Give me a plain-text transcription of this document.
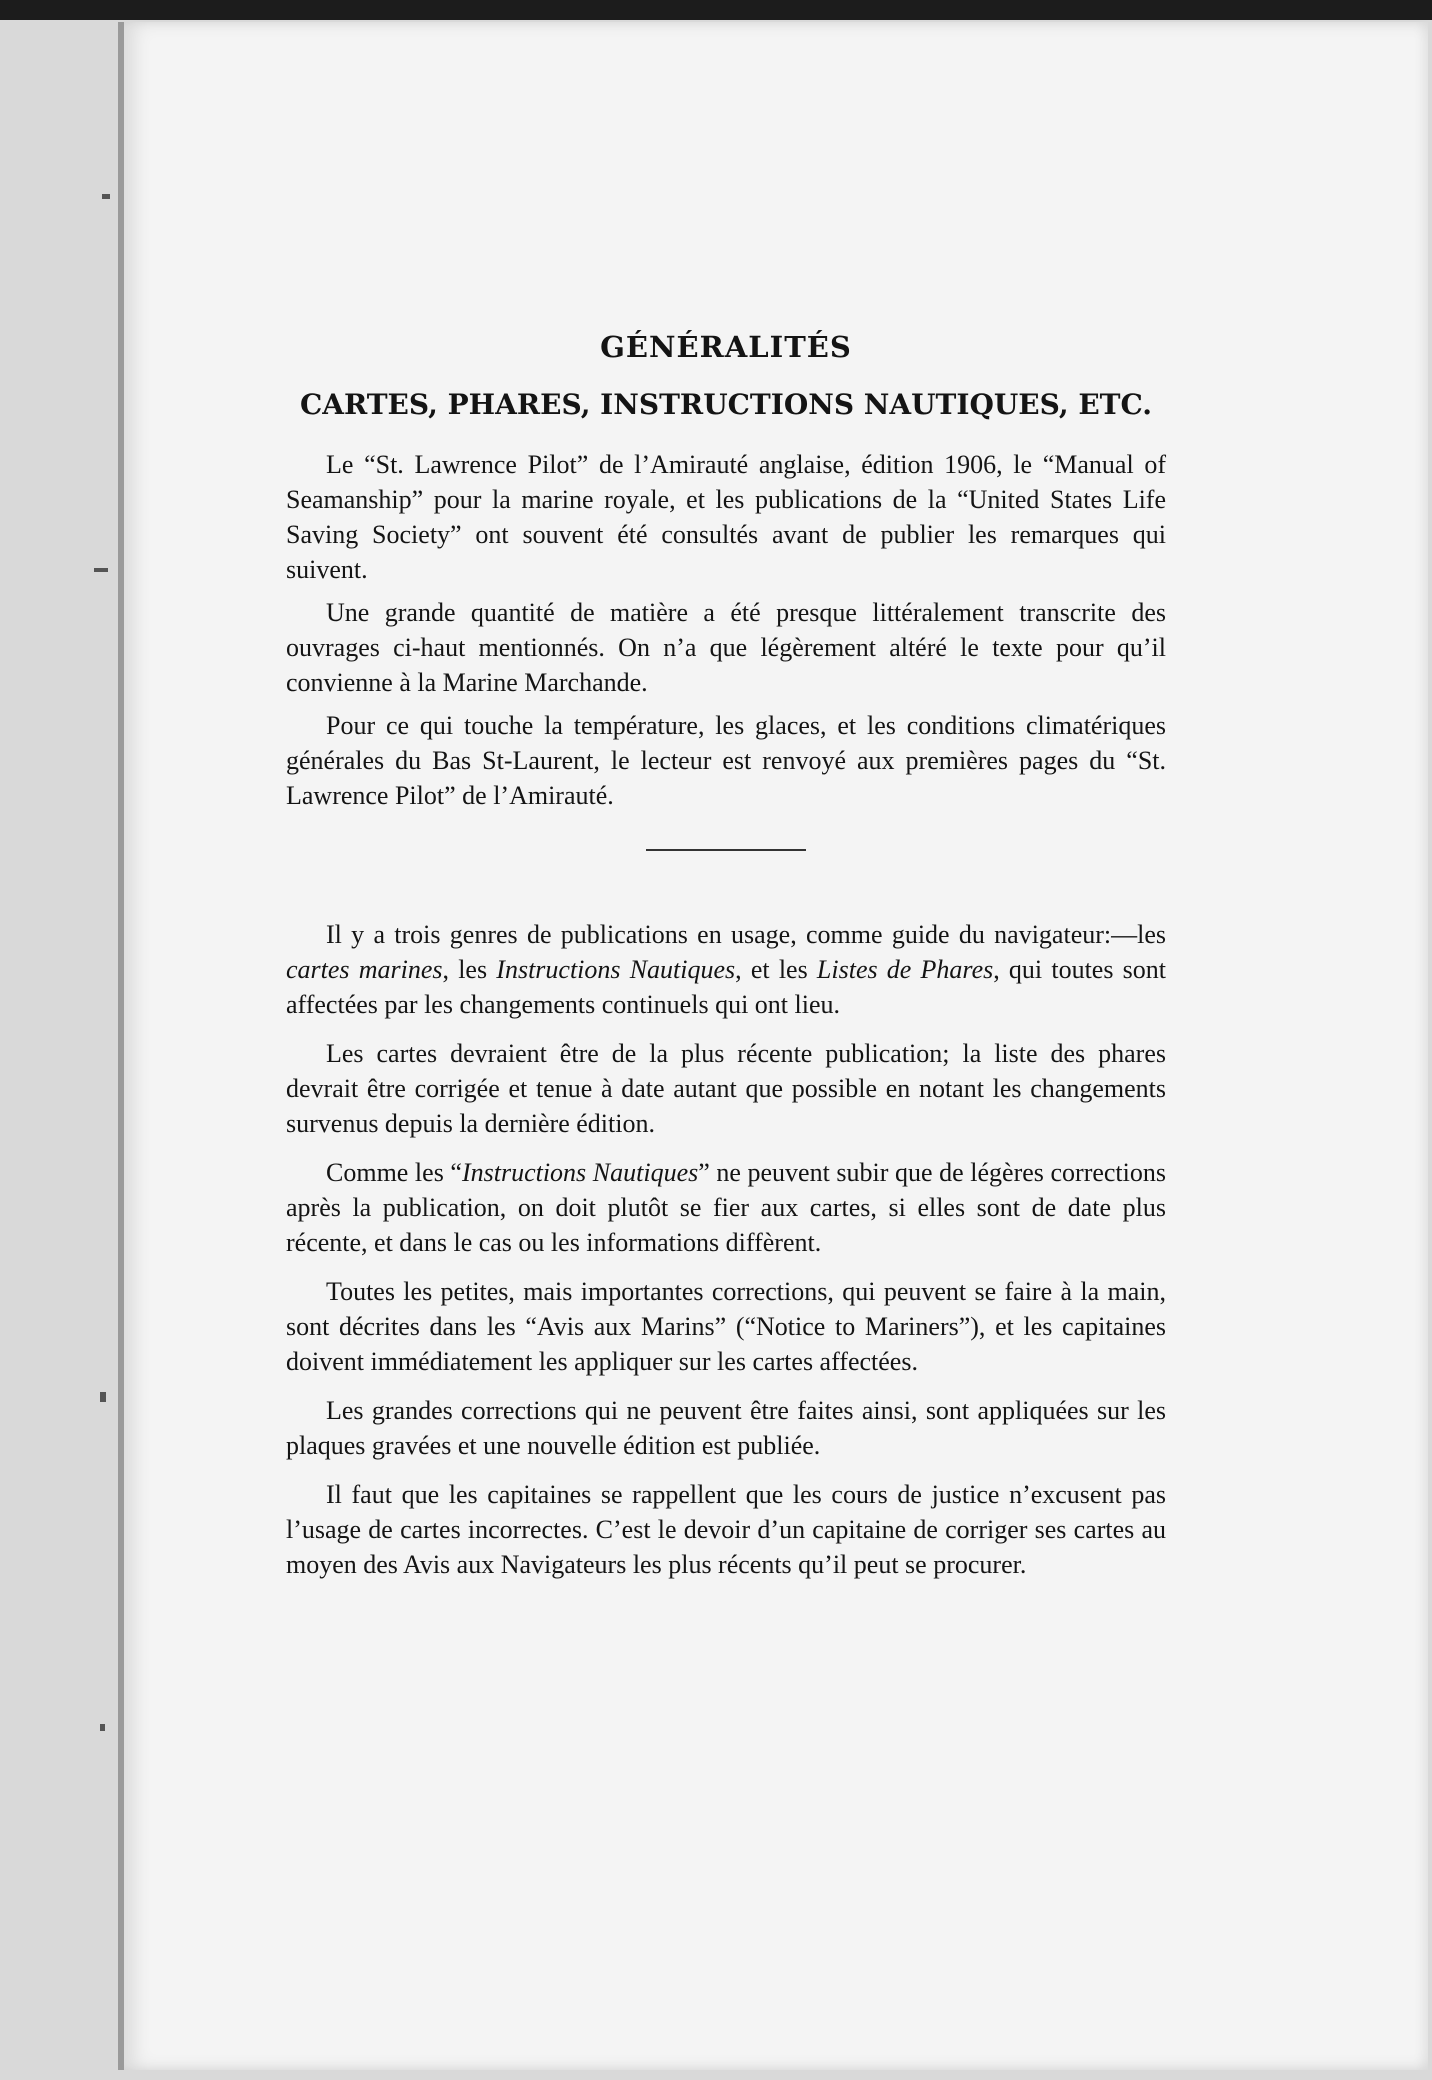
GÉNÉRALITÉS
CARTES, PHARES, INSTRUCTIONS NAUTIQUES, ETC.

Le “St. Lawrence Pilot” de l’Amirauté anglaise, édition 1906, le “Manual of Seamanship” pour la marine royale, et les publications de la “United States Life Saving Society” ont souvent été consultés avant de publier les remarques qui suivent.

Une grande quantité de matière a été presque littéralement transcrite des ouvrages ci-haut mentionnés. On n’a que légèrement altéré le texte pour qu’il convienne à la Marine Marchande.

Pour ce qui touche la température, les glaces, et les conditions climatériques générales du Bas St-Laurent, le lecteur est renvoyé aux premières pages du “St. Lawrence Pilot” de l’Amirauté.

Il y a trois genres de publications en usage, comme guide du navigateur:—les cartes marines, les Instructions Nautiques, et les Listes de Phares, qui toutes sont affectées par les changements continuels qui ont lieu.

Les cartes devraient être de la plus récente publication; la liste des phares devrait être corrigée et tenue à date autant que possible en notant les changements survenus depuis la dernière édition.

Comme les “Instructions Nautiques” ne peuvent subir que de légères corrections après la publication, on doit plutôt se fier aux cartes, si elles sont de date plus récente, et dans le cas ou les informations diffèrent.

Toutes les petites, mais importantes corrections, qui peuvent se faire à la main, sont décrites dans les “Avis aux Marins” (“Notice to Mariners”), et les capitaines doivent immédiatement les appliquer sur les cartes affectées.

Les grandes corrections qui ne peuvent être faites ainsi, sont appliquées sur les plaques gravées et une nouvelle édition est publiée.

Il faut que les capitaines se rappellent que les cours de justice n’excusent pas l’usage de cartes incorrectes. C’est le devoir d’un capitaine de corriger ses cartes au moyen des Avis aux Navigateurs les plus récents qu’il peut se procurer.
